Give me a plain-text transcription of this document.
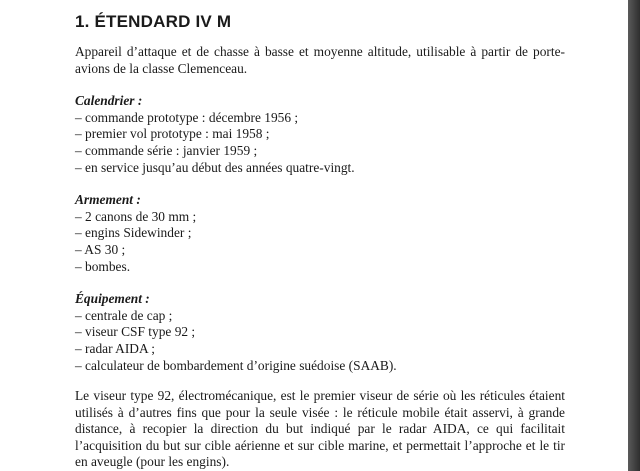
1. ÉTENDARD IV M

Appareil d’attaque et de chasse à basse et moyenne altitude, utilisable à partir de porte-avions de la classe Clemenceau.

Calendrier :

– commande prototype : décembre 1956 ;
– premier vol prototype : mai 1958 ;
– commande série : janvier 1959 ;
– en service jusqu’au début des années quatre-vingt.

Armement :

– 2 canons de 30 mm ;
– engins Sidewinder ;
– AS 30 ;
– bombes.

Équipement :

– centrale de cap ;
– viseur CSF type 92 ;
– radar AIDA ;
– calculateur de bombardement d’origine suédoise (SAAB).

Le viseur type 92, électromécanique, est le premier viseur de série où les réticules étaient utilisés à d’autres fins que pour la seule visée : le réticule mobile était asservi, à grande distance, à recopier la direction du but indiqué par le radar AIDA, ce qui facilitait l’acquisition du but sur cible aérienne et sur cible marine, et permettait l’approche et le tir en aveugle (pour les engins).
